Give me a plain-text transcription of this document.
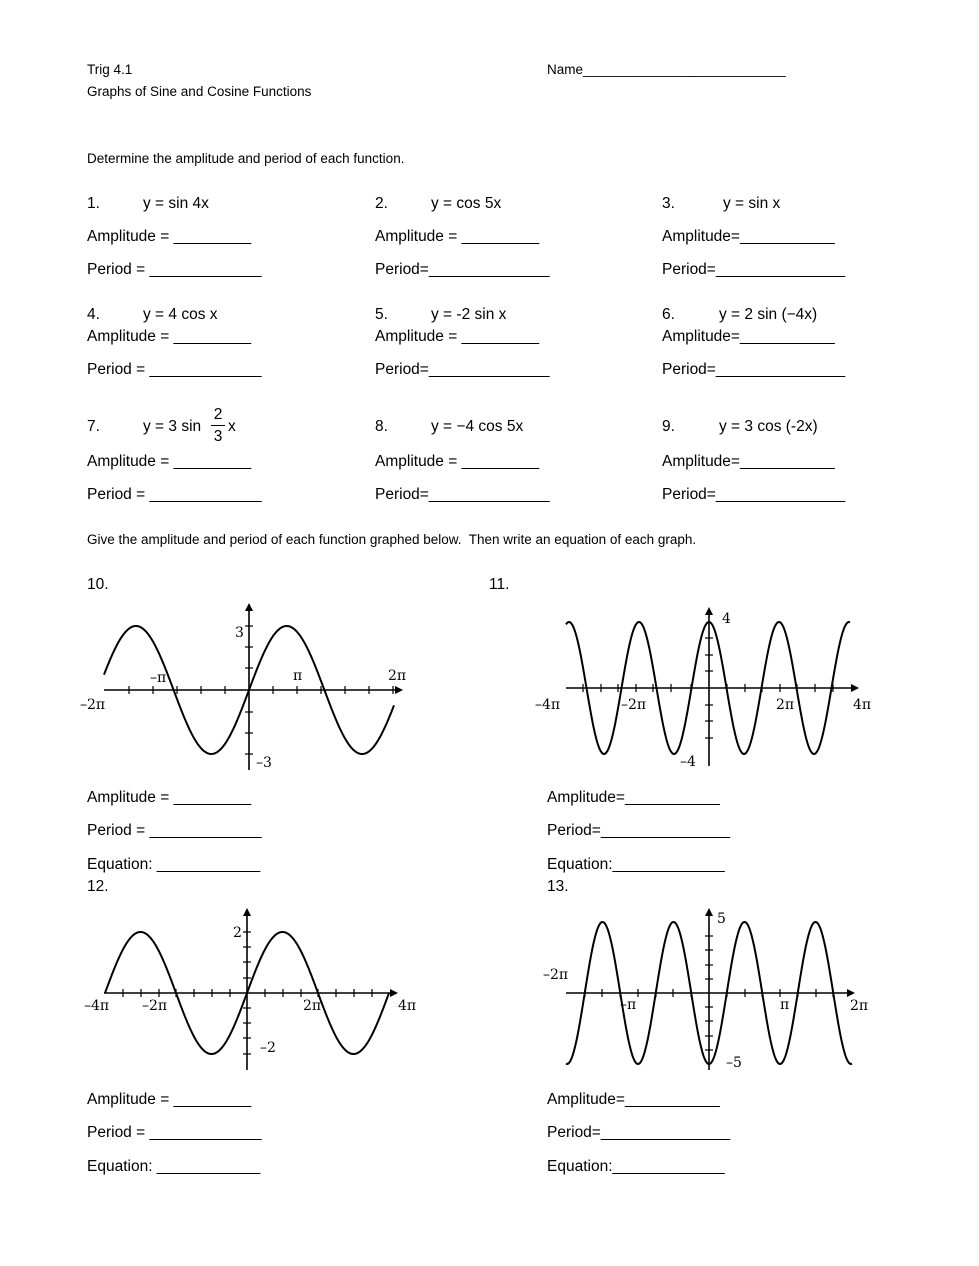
Trig 4.1
Graphs of Sine and Cosine Functions
Name___________________________
Determine the amplitude and period of each function.
1.	y = sin 4x
Amplitude = _________
Period = _____________
2.	y = cos 5x
Amplitude = _________
Period=______________
3.	y = sin x
Amplitude=___________
Period=_______________
4.	y = 4 cos x
Amplitude = _________
Period = _____________
5.	y = -2 sin x
Amplitude = _________
Period=______________
6.	y = 2 sin (−4x)
Amplitude=___________
Period=_______________
7.	y = 3 sin
2
3
x
Amplitude = _________
Period = _____________
8.	y = −4 cos 5x
Amplitude = _________
Period=______________
9.	y = 3 cos (-2x)
Amplitude=___________
Period=_______________
Give the amplitude and period of each function graphed below.  Then write an equation of each graph.
10.
–2π
–π	π	2π
3
–3
Amplitude = _________
Period = _____________
Equation: ____________
11.
–4π	–2π	2π	4π
4
–4
Amplitude=___________
Period=_______________
Equation:_____________
12.
–4π –2π	2π	4π
2
–2
Amplitude = _________
Period = _____________
Equation: ____________
13.
–2π
–π	π	2π
5
–5
Amplitude=___________
Period=_______________
Equation:_____________
